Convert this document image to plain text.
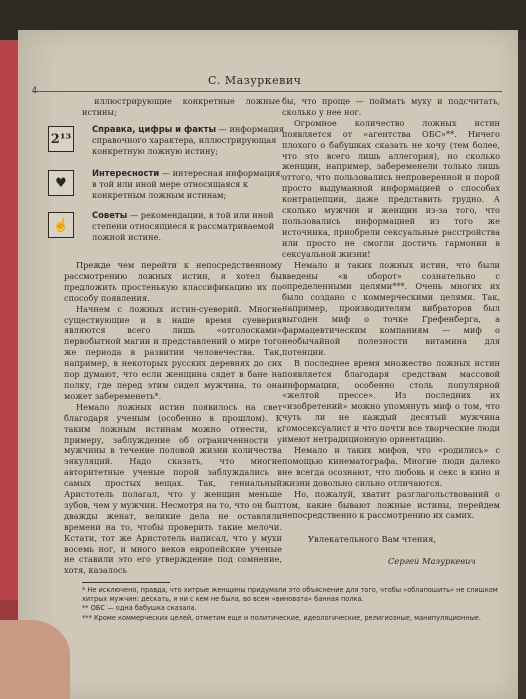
С. Мазуркевич

иллюстрирующие конкретные ложные истины;

2¹³
Справка, цифры и факты — информация справочного характера, иллюстрирующая конкретную ложную истину;
♥
Интересности — интересная информация, в той или иной мере относящаяся к конкретным ложным истинам;
☝
Советы — рекомендации, в той или иной степени относящиеся к рассматриваемой ложной истине.

Прежде чем перейти к непосредственному рассмотрению ложных истин, я хотел бы предложить простенькую классификацию их по способу появления.

Начнем с ложных истин-суеверий. Многие существующие и в наше время суеверия являются всего лишь «отголосками» первобытной магии и представлений о мире того же периода в развитии человечества. Так, например, в некоторых русских деревнях до сих пор думают, что если женщина сядет в бане на полку, где перед этим сидел мужчина, то она может забеременеть*.

Немало ложных истин появилось на свет благодаря ученым (особенно в прошлом). К таким ложным истинам можно отнести, к примеру, заблуждение об ограниченности у мужчины в течение половой жизни количества эякуляций. Надо сказать, что многие авторитетные ученые порой заблуждались в самых простых вещах. Так, гениальный Аристотель полагал, что у женщин меньше зубов, чем у мужчин. Несмотря на то, что он был дважды женат, великие дела не оставляли времени на то, чтобы проверить такие мелочи. Кстати, тот же Аристотель написал, что у мухи восемь ног, и много веков европейские ученые не ставили это его утверждение под сомнение, хотя, казалось

бы, что проще — поймать муху и подсчитать, сколько у нее ног.

Огромное количество ложных истин появляется от «агентства ОБС»**. Ничего плохого о бабушках сказать не хочу (тем более, что это всего лишь аллегория), но сколько женщин, например, забеременели только лишь оттого, что пользовались непроверенной и порой просто выдуманной информацией о способах контрацепции, даже представить трудно. А сколько мужчин и женщин из-за того, что пользовались информацией из того же источника, приобрели сексуальные расстройства или просто не смогли достичь гармонии в сексуальной жизни!

Немало и таких ложных истин, что были введены «в оборот» сознательно с определенными целями***. Очень многих их было создано с коммерческими целями. Так, например, производителям вибраторов был выгоден миф о точке Грефенберга, а фармацевтическим компаниям — миф о необычайной полезности витамина для потенции.

В последнее время множество ложных истин появляется благодаря средствам массовой информации, особенно столь популярной «желтой прессе». Из последних их «изобретений» можно упомянуть миф о том, что чуть ли не каждый десятый мужчина гомосексуалист и что почти все творческие люди имеют нетрадиционную ориентацию.

Немало и таких мифов, что «родились» с помощью кинематографа. Многие люди далеко не всегда осознают, что любовь и секс в кино и жизни довольно сильно отличаются.

Но, пожалуй, хватит разглагольствований о том, какие бывают ложные истины, перейдем непосредственно к рассмотрению их самих.

Увлекательного Вам чтения,
Сергей Мазуркевич

* Не исключено, правда, что хитрые женщины придумали это объяснение для того, чтобы «облапошить» не слишком хитрых мужчин: дескать, я ни с кем не была, во всем «виновата» банная полка.

** ОБС — одна бабушка сказала.

*** Кроме коммерческих целей, отметим еще и политические, идеологические, религиозные, манипуляционные.
